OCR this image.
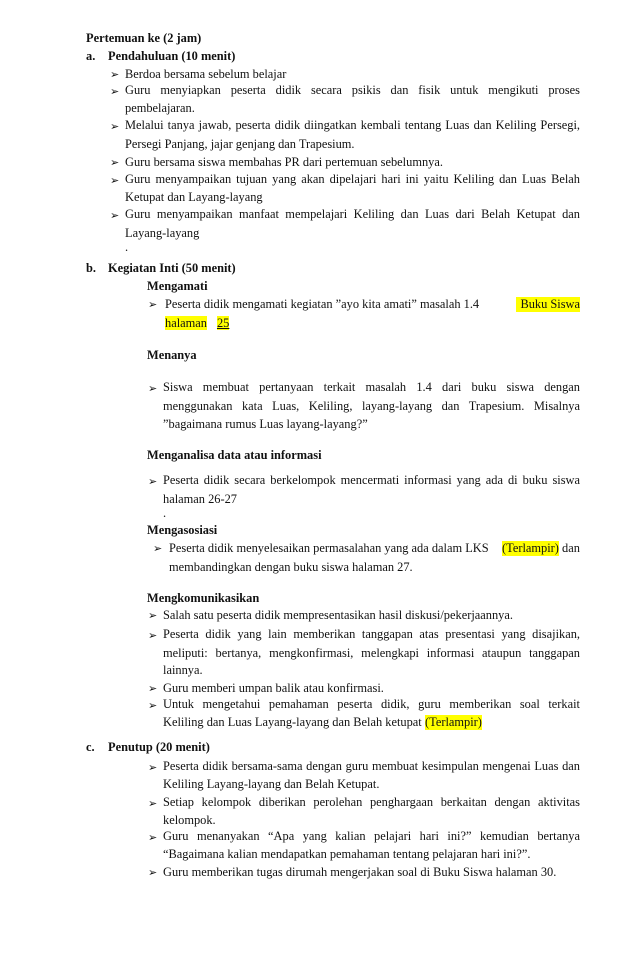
Pertemuan ke (2 jam)
a. Pendahuluan (10 menit)
➢ Berdoa bersama sebelum belajar
➢ Guru menyiapkan peserta didik secara psikis dan fisik untuk mengikuti proses
pembelajaran.
➢ Melalui tanya jawab, peserta didik diingatkan kembali tentang Luas dan Keliling Persegi,
Persegi Panjang, jajar genjang dan Trapesium.
➢ Guru bersama siswa membahas PR dari pertemuan sebelumnya.
➢ Guru menyampaikan tujuan yang akan dipelajari hari ini yaitu Keliling dan Luas Belah
Ketupat dan Layang-layang
➢ Guru menyampaikan manfaat mempelajari Keliling dan Luas dari Belah Ketupat dan
Layang-layang
.
b. Kegiatan Inti (50 menit)
Mengamati
➢ Peserta didik mengamati kegiatan ”ayo kita amati” masalah 1.4	Buku Siswa
halaman 25
Menanya
➢ Siswa membuat pertanyaan terkait masalah 1.4 dari buku siswa dengan
menggunakan kata Luas, Keliling, layang-layang dan Trapesium. Misalnya
”bagaimana rumus Luas layang-layang?”
Menganalisa data atau informasi
➢ Peserta didik secara berkelompok mencermati informasi yang ada di buku siswa
halaman 26-27
.
Mengasosiasi
➢ Peserta didik menyelesaikan permasalahan yang ada dalam LKS (Terlampir) dan
membandingkan dengan buku siswa halaman 27.
Mengkomunikasikan
➢ Salah satu peserta didik mempresentasikan hasil diskusi/pekerjaannya.
➢ Peserta didik yang lain memberikan tanggapan atas presentasi yang disajikan,
meliputi: bertanya, mengkonfirmasi, melengkapi informasi ataupun tanggapan
lainnya.
➢ Guru memberi umpan balik atau konfirmasi.
➢ Untuk mengetahui pemahaman peserta didik, guru memberikan soal terkait
Keliling dan Luas Layang-layang dan Belah ketupat (Terlampir)
c. Penutup (20 menit)
➢ Peserta didik bersama-sama dengan guru membuat kesimpulan mengenai Luas dan
Keliling Layang-layang dan Belah Ketupat.
➢ Setiap kelompok diberikan perolehan penghargaan berkaitan dengan aktivitas
kelompok.
➢ Guru menanyakan “Apa yang kalian pelajari hari ini?” kemudian bertanya
“Bagaimana kalian mendapatkan pemahaman tentang pelajaran hari ini?”.
➢ Guru memberikan tugas dirumah mengerjakan soal di Buku Siswa halaman 30.
